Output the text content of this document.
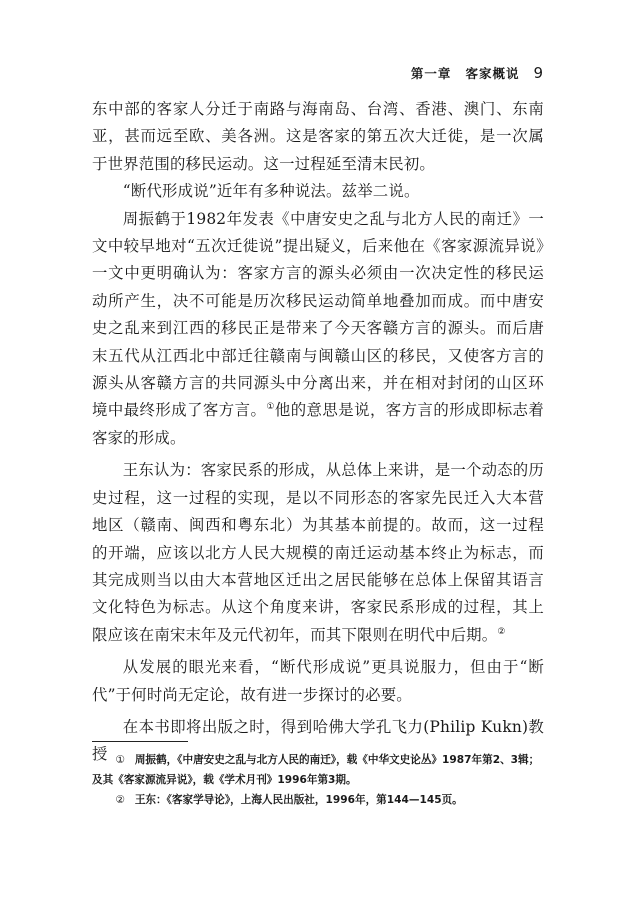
第一章 客家概说 9

东中部的客家人分迁于南路与海南岛、台湾、香港、澳门、东南亚，甚而远至欧、美各洲。这是客家的第五次大迁徙，是一次属于世界范围的移民运动。这一过程延至清末民初。

“断代形成说”近年有多种说法。兹举二说。

周振鹤于1982年发表《中唐安史之乱与北方人民的南迁》一文中较早地对“五次迁徙说”提出疑义，后来他在《客家源流异说》一文中更明确认为：客家方言的源头必须由一次决定性的移民运动所产生，决不可能是历次移民运动简单地叠加而成。而中唐安史之乱来到江西的移民正是带来了今天客赣方言的源头。而后唐末五代从江西北中部迁往赣南与闽赣山区的移民，又使客方言的源头从客赣方言的共同源头中分离出来，并在相对封闭的山区环境中最终形成了客方言。①他的意思是说，客方言的形成即标志着客家的形成。

王东认为：客家民系的形成，从总体上来讲，是一个动态的历史过程，这一过程的实现，是以不同形态的客家先民迁入大本营地区（赣南、闽西和粤东北）为其基本前提的。故而，这一过程的开端，应该以北方人民大规模的南迁运动基本终止为标志，而其完成则当以由大本营地区迁出之居民能够在总体上保留其语言文化特色为标志。从这个角度来讲，客家民系形成的过程，其上限应该在南宋末年及元代初年，而其下限则在明代中后期。②

从发展的眼光来看，“断代形成说”更具说服力，但由于“断代”于何时尚无定论，故有进一步探讨的必要。

在本书即将出版之时，得到哈佛大学孔飞力(Philip Kukn)教授 ① 周振鹤，《中唐安史之乱与北方人民的南迁》，载《中华文史论丛》1987年第2、3辑；及其《客家源流异说》，载《学术月刊》1996年第3期。

② 王东：《客家学导论》，上海人民出版社，1996年，第144—145页。
